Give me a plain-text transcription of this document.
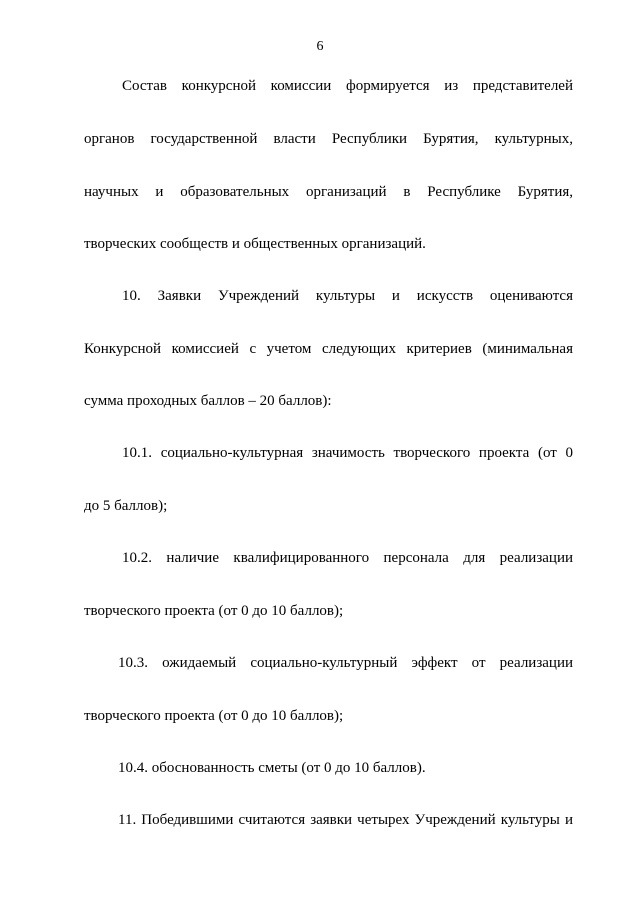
6
Состав конкурсной комиссии формируется из представителей
органов государственной власти Республики Бурятия, культурных,
научных и образовательных организаций в Республике Бурятия,
творческих сообществ и общественных организаций.
10. Заявки Учреждений культуры и искусств оцениваются
Конкурсной комиссией с учетом следующих критериев (минимальная
сумма проходных баллов – 20 баллов):
10.1. социально-культурная значимость творческого проекта (от 0
до 5 баллов);
10.2. наличие квалифицированного персонала для реализации
творческого проекта (от 0 до 10 баллов);
10.3. ожидаемый социально-культурный эффект от реализации
творческого проекта (от 0 до 10 баллов);
10.4. обоснованность сметы (от 0 до 10 баллов).
11. Победившими считаются заявки четырех Учреждений культуры и
